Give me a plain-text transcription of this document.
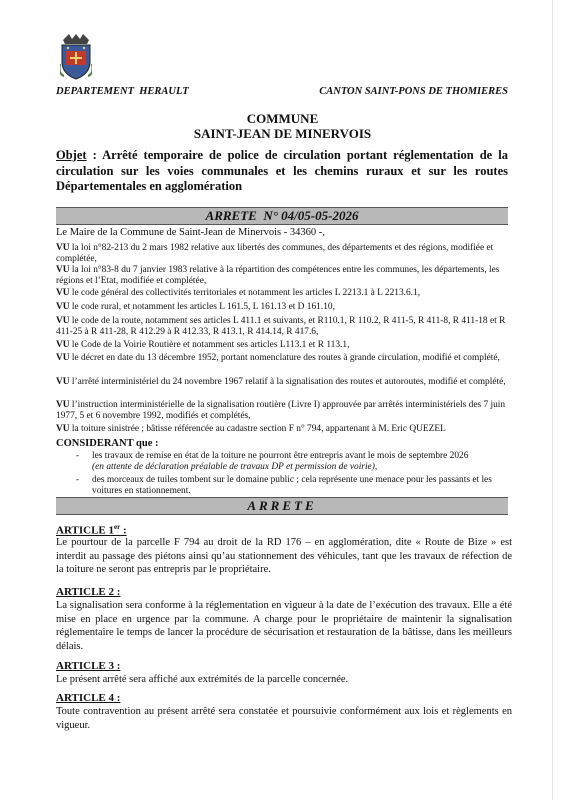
DEPARTEMENT  HERAULT	CANTON SAINT-PONS DE THOMIERES
COMMUNE
SAINT-JEAN DE MINERVOIS
Objet : Arrêté temporaire de police de circulation portant réglementation de la circulation sur les voies communales et les chemins ruraux et sur les routes Départementales en agglomération
ARRETE  N° 04/05-05-2026
Le Maire de la Commune de Saint-Jean de Minervois - 34360 -,
VU la loi n°82-213 du 2 mars 1982 relative aux libertés des communes, des départements et des régions, modifiée et complétée,
VU la loi n°83-8 du 7 janvier 1983 relative à la répartition des compétences entre les communes, les départements, les régions et l’Etat, modifiée et complétée,
VU le code général des collectivités territoriales et notamment les articles L 2213.1 à L 2213.6.1,
VU le code rural, et notamment les articles L 161.5, L 161.13 et D 161.10,
VU le code de la route, notamment ses articles L 411.1 et suivants, et R110.1, R 110.2, R 411-5, R 411-8, R 411-18 et R 411-25 à R 411-28, R 412.29 à R 412.33, R 413.1, R 414.14, R 417.6,
VU le Code de la Voirie Routière et notamment ses articles L113.1 et R 113.1,
VU le décret en date du 13 décembre 1952, portant nomenclature des routes à grande circulation, modifié et complété,
VU l’arrêté interministériel du 24 novembre 1967 relatif à la signalisation des routes et autoroutes, modifié et complété,
VU l’instruction interministérielle de la signalisation routière (Livre I) approuvée par arrêtés interministériels des 7 juin 1977, 5 et 6 novembre 1992, modifiés et complétés,
VU la toiture sinistrée ; bâtisse référencée au cadastre section F n° 794, appartenant à M. Eric QUEZEL
CONSIDERANT que :
- les travaux de remise en état de la toiture ne pourront être entrepris avant le mois de septembre 2026
(en attente de déclaration préalable de travaux DP et permission de voirie),
- des morceaux de tuiles tombent sur le domaine public ; cela représente une menace pour les passants et les voitures en stationnement.
ARRETE
ARTICLE 1er :
Le pourtour de la parcelle F 794 au droit de la RD 176 – en agglomération, dite « Route de Bize » est interdit au passage des piétons ainsi qu’au stationnement des véhicules, tant que les travaux de réfection de la toiture ne seront pas entrepris par le propriétaire.
ARTICLE 2 :
La signalisation sera conforme à la réglementation en vigueur à la date de l’exécution des travaux. Elle a été mise en place en urgence par la commune. A charge pour le propriétaire de maintenir la signalisation réglementaire le temps de lancer la procédure de sécurisation et restauration de la bâtisse, dans les meilleurs délais.
ARTICLE 3 :
Le présent arrêté sera affiché aux extrémités de la parcelle concernée.
ARTICLE 4 :
Toute contravention au présent arrêté sera constatée et poursuivie conformément aux lois et règlements en vigueur.
